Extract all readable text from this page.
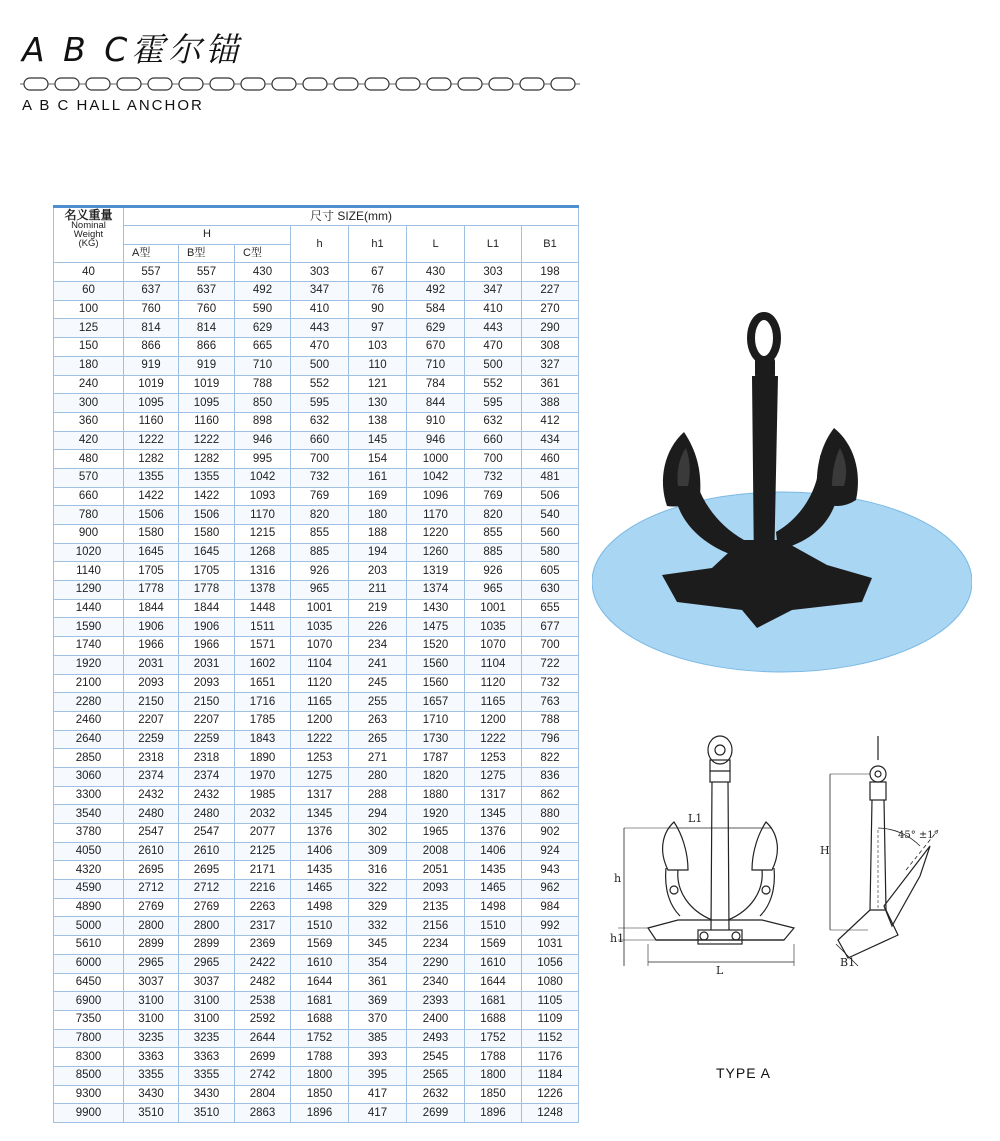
A B C霍尔锚
A B C HALL ANCHOR
名义重量
Nominal
Weight
(KG)	尺寸 SIZE(mm)							
	H			h	h1	L	L1	B1
	A型	B型	C型					
40	557	557	430	303	67	430	303	198
60	637	637	492	347	76	492	347	227
100	760	760	590	410	90	584	410	270
125	814	814	629	443	97	629	443	290
150	866	866	665	470	103	670	470	308
180	919	919	710	500	110	710	500	327
240	1019	1019	788	552	121	784	552	361
300	1095	1095	850	595	130	844	595	388
360	1160	1160	898	632	138	910	632	412
420	1222	1222	946	660	145	946	660	434
480	1282	1282	995	700	154	1000	700	460
570	1355	1355	1042	732	161	1042	732	481
660	1422	1422	1093	769	169	1096	769	506
780	1506	1506	1170	820	180	1170	820	540
900	1580	1580	1215	855	188	1220	855	560
1020	1645	1645	1268	885	194	1260	885	580
1140	1705	1705	1316	926	203	1319	926	605
1290	1778	1778	1378	965	211	1374	965	630
1440	1844	1844	1448	1001	219	1430	1001	655
1590	1906	1906	1511	1035	226	1475	1035	677
1740	1966	1966	1571	1070	234	1520	1070	700
1920	2031	2031	1602	1104	241	1560	1104	722
2100	2093	2093	1651	1120	245	1560	1120	732
2280	2150	2150	1716	1165	255	1657	1165	763
2460	2207	2207	1785	1200	263	1710	1200	788
2640	2259	2259	1843	1222	265	1730	1222	796
2850	2318	2318	1890	1253	271	1787	1253	822
3060	2374	2374	1970	1275	280	1820	1275	836
3300	2432	2432	1985	1317	288	1880	1317	862
3540	2480	2480	2032	1345	294	1920	1345	880
3780	2547	2547	2077	1376	302	1965	1376	902
4050	2610	2610	2125	1406	309	2008	1406	924
4320	2695	2695	2171	1435	316	2051	1435	943
4590	2712	2712	2216	1465	322	2093	1465	962
4890	2769	2769	2263	1498	329	2135	1498	984
5000	2800	2800	2317	1510	332	2156	1510	992
5610	2899	2899	2369	1569	345	2234	1569	1031
6000	2965	2965	2422	1610	354	2290	1610	1056
6450	3037	3037	2482	1644	361	2340	1644	1080
6900	3100	3100	2538	1681	369	2393	1681	1105
7350	3100	3100	2592	1688	370	2400	1688	1109
7800	3235	3235	2644	1752	385	2493	1752	1152
8300	3363	3363	2699	1788	393	2545	1788	1176
8500	3355	3355	2742	1800	395	2565	1800	1184
9300	3430	3430	2804	1850	417	2632	1850	1226
9900	3510	3510	2863	1896	417	2699	1896	1248
L1
h
h1
L
H
B1
45° ±1°
TYPE A
